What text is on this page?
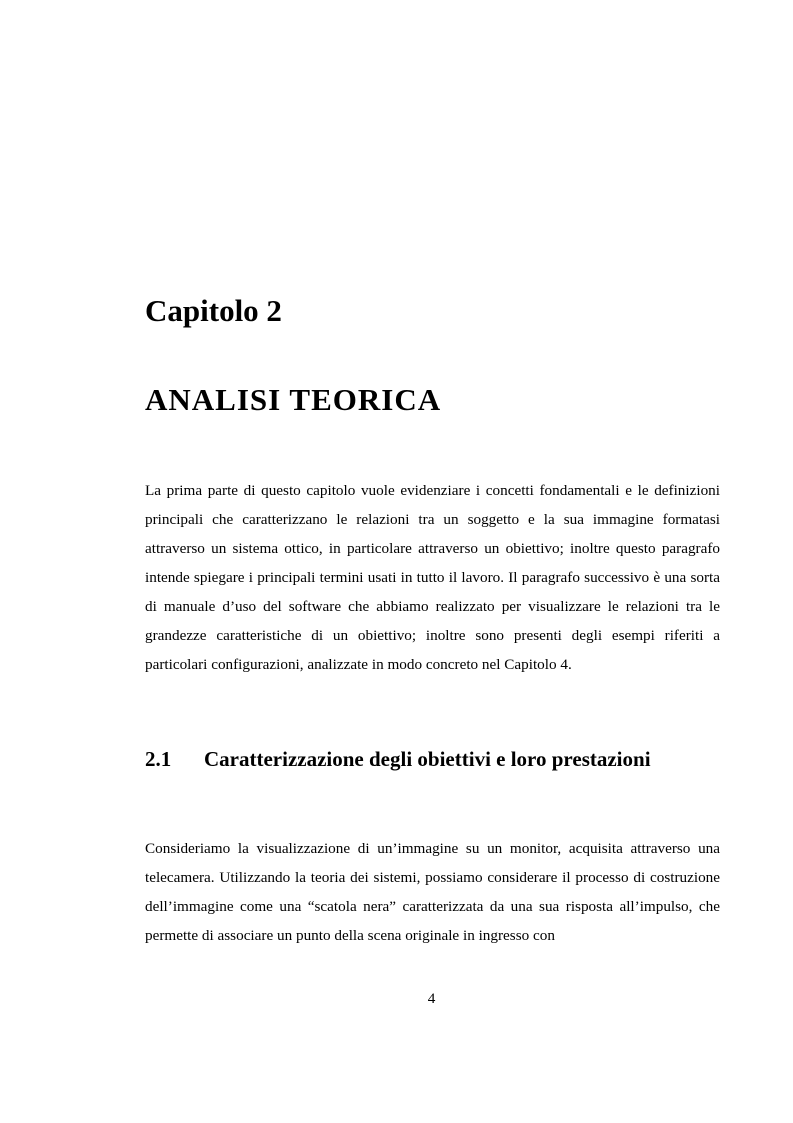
Capitolo 2
ANALISI TEORICA

La prima parte di questo capitolo vuole evidenziare i concetti fondamentali e le definizioni principali che caratterizzano le relazioni tra un soggetto e la sua immagine formatasi attraverso un sistema ottico, in particolare attraverso un obiettivo; inoltre questo paragrafo intende spiegare i principali termini usati in tutto il lavoro. Il paragrafo successivo è una sorta di manuale d’uso del software che abbiamo realizzato per visualizzare le relazioni tra le grandezze caratteristiche di un obiettivo; inoltre sono presenti degli esempi riferiti a particolari configurazioni, analizzate in modo concreto nel Capitolo 4.

2.1 Caratterizzazione degli obiettivi e loro prestazioni

Consideriamo la visualizzazione di un’immagine su un monitor, acquisita attraverso una telecamera. Utilizzando la teoria dei sistemi, possiamo considerare il processo di costruzione dell’immagine come una “scatola nera” caratterizzata da una sua risposta all’impulso, che permette di associare un punto della scena originale in ingresso con

4
